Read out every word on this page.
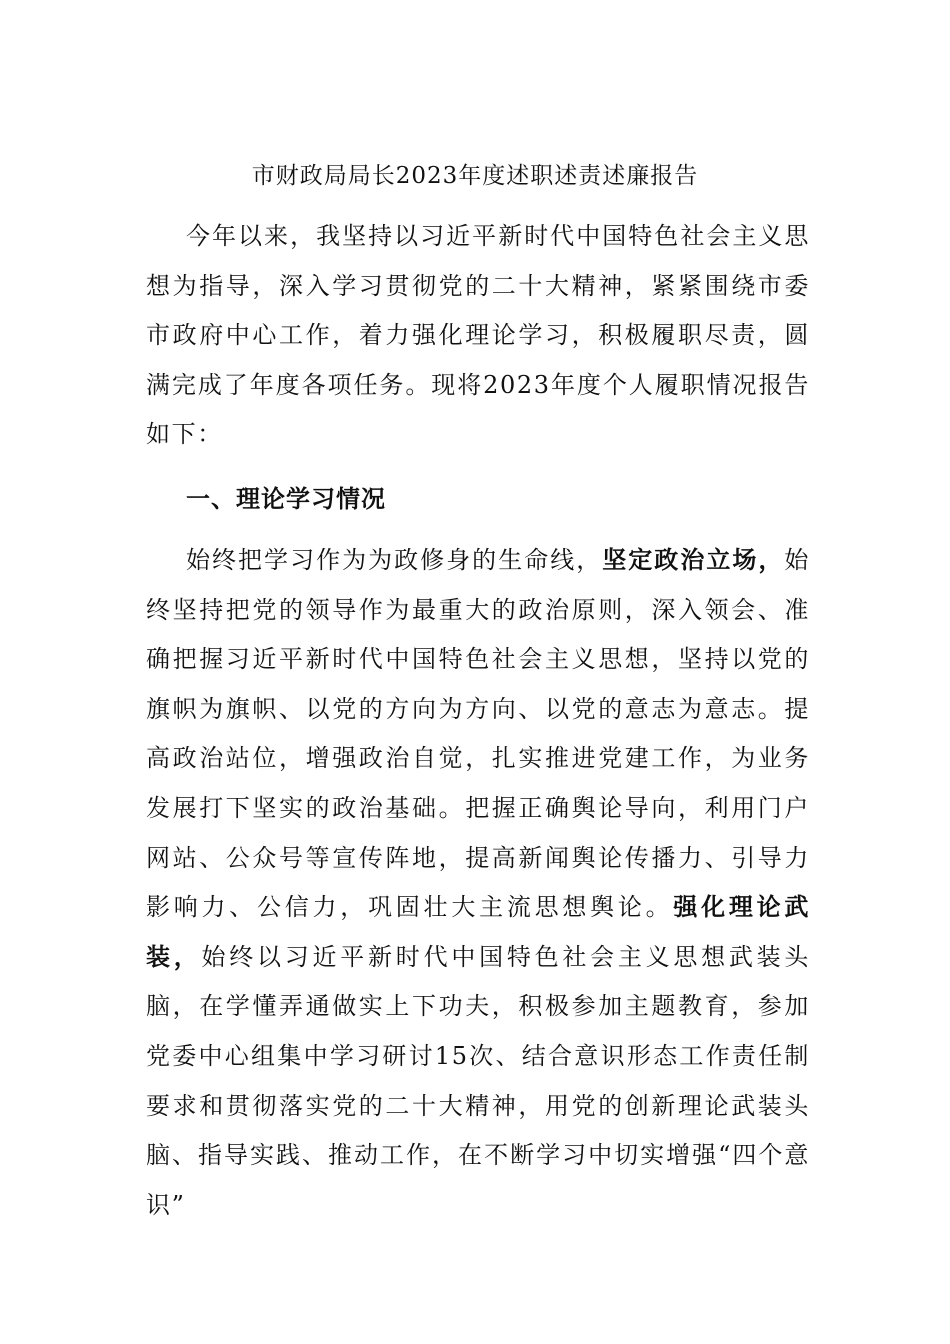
市财政局局长2023年度述职述责述廉报告

今年以来，我坚持以习近平新时代中国特色社会主义思想为指导，深入学习贯彻党的二十大精神，紧紧围绕市委市政府中心工作，着力强化理论学习，积极履职尽责，圆满完成了年度各项任务。现将2023年度个人履职情况报告如下：

一、理论学习情况

始终把学习作为为政修身的生命线，坚定政治立场，始终坚持把党的领导作为最重大的政治原则，深入领会、准确把握习近平新时代中国特色社会主义思想，坚持以党的旗帜为旗帜、以党的方向为方向、以党的意志为意志。提高政治站位，增强政治自觉，扎实推进党建工作，为业务发展打下坚实的政治基础。把握正确舆论导向，利用门户网站、公众号等宣传阵地，提高新闻舆论传播力、引导力影响力、公信力，巩固壮大主流思想舆论。强化理论武装，始终以习近平新时代中国特色社会主义思想武装头脑，在学懂弄通做实上下功夫，积极参加主题教育，参加党委中心组集中学习研讨15次、结合意识形态工作责任制要求和贯彻落实党的二十大精神，用党的创新理论武装头脑、指导实践、推动工作，在不断学习中切实增强“四个意识”
